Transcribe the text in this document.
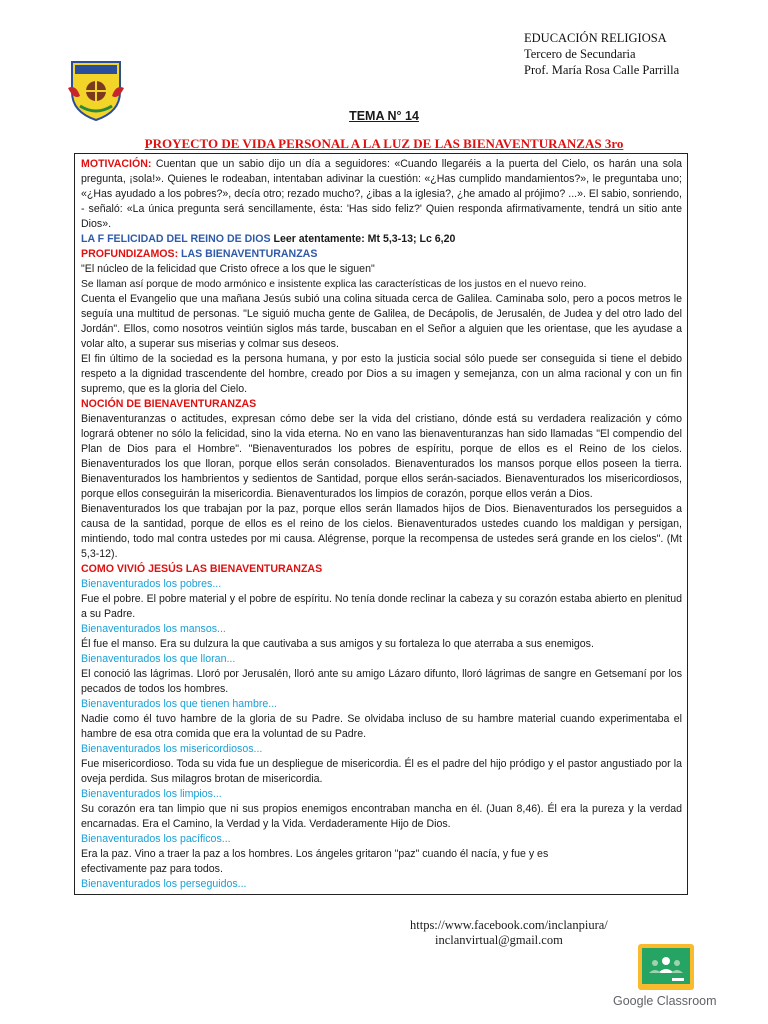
EDUCACIÓN RELIGIOSA
Tercero de Secundaria
Prof. María Rosa Calle Parrilla
TEMA N° 14
PROYECTO DE VIDA PERSONAL A LA LUZ DE LAS BIENAVENTURANZAS 3ro

MOTIVACIÓN: Cuentan que un sabio dijo un día a seguidores: «Cuando llegaréis a la puerta del Cielo, os harán una sola pregunta, ¡sola!». Quienes le rodeaban, intentaban adivinar la cuestión: «¿Has cumplido mandamientos?», le preguntaba uno; «¿Has ayudado a los pobres?», decía otro; rezado mucho?, ¿ibas a la iglesia?, ¿he amado al prójimo? ...». El sabio, sonriendo, - señaló: «La única pregunta será sencillamente, ésta: 'Has sido feliz?' Quien responda afirmativamente, tendrá un sitio ante Dios».

LA F FELICIDAD DEL REINO DE DIOS Leer atentamente: Mt 5,3-13; Lc 6,20

PROFUNDIZAMOS: LAS BIENAVENTURANZAS

"El núcleo de la felicidad que Cristo ofrece a los que le siguen"

Se llaman así porque de modo armónico e insistente explica las características de los justos en el nuevo reino.

Cuenta el Evangelio que una mañana Jesús subió una colina situada cerca de Galilea. Caminaba solo, pero a pocos metros le seguía una multitud de personas. "Le siguió mucha gente de Galilea, de Decápolis, de Jerusalén, de Judea y del otro lado del Jordán". Ellos, como nosotros veintiún siglos más tarde, buscaban en el Señor a alguien que les orientase, que les ayudase a volar alto, a superar sus miserias y colmar sus deseos.

El fin último de la sociedad es la persona humana, y por esto la justicia social sólo puede ser conseguida si tiene el debido respeto a la dignidad trascendente del hombre, creado por Dios a su imagen y semejanza, con un alma racional y con un fin supremo, que es la gloria del Cielo.

NOCIÓN DE BIENAVENTURANZAS

Bienaventuranzas o actitudes, expresan cómo debe ser la vida del cristiano, dónde está su verdadera realización y cómo logrará obtener no sólo la felicidad, sino la vida eterna. No en vano las bienaventuranzas han sido llamadas "El compendio del Plan de Dios para el Hombre". "Bienaventurados los pobres de espíritu, porque de ellos es el Reino de los cielos. Bienaventurados los que lloran, porque ellos serán consolados. Bienaventurados los mansos porque ellos poseen la tierra. Bienaventurados los hambrientos y sedientos de Santidad, porque ellos serán-saciados. Bienaventurados los misericordiosos, porque ellos conseguirán la misericordia. Bienaventurados los limpios de corazón, porque ellos verán a Dios.

Bienaventurados los que trabajan por la paz, porque ellos serán llamados hijos de Dios. Bienaventurados los perseguidos a causa de la santidad, porque de ellos es el reino de los cielos. Bienaventurados ustedes cuando los maldigan y persigan, mintiendo, todo mal contra ustedes por mi causa. Alégrense, porque la recompensa de ustedes será grande en los cielos". (Mt 5,3-12).

COMO VIVIÓ JESÚS LAS BIENAVENTURANZAS

Bienaventurados los pobres...

Fue el pobre. El pobre material y el pobre de espíritu. No tenía donde reclinar la cabeza y su corazón estaba abierto en plenitud a su Padre.

Bienaventurados los mansos...

Él fue el manso. Era su dulzura la que cautivaba a sus amigos y su fortaleza lo que aterraba a sus enemigos.

Bienaventurados los que lloran...

El conoció las lágrimas. Lloró por Jerusalén, lloró ante su amigo Lázaro difunto, lloró lágrimas de sangre en Getsemaní por los pecados de todos los hombres.

Bienaventurados los que tienen hambre...

Nadie como él tuvo hambre de la gloria de su Padre. Se olvidaba incluso de su hambre material cuando experimentaba el hambre de esa otra comida que era la voluntad de su Padre.

Bienaventurados los misericordiosos...

Fue misericordioso. Toda su vida fue un despliegue de misericordia. Él es el padre del hijo pródigo y el pastor angustiado por la oveja perdida. Sus milagros brotan de misericordia.

Bienaventurados los limpios...

Su corazón era tan limpio que ni sus propios enemigos encontraban mancha en él. (Juan 8,46). Él era la pureza y la verdad encarnadas. Era el Camino, la Verdad y la Vida. Verdaderamente Hijo de Dios.

Bienaventurados los pacíficos...

Era la paz. Vino a traer la paz a los hombres. Los ángeles gritaron "paz" cuando él nacía, y fue y es

efectivamente paz para todos.

Bienaventurados los perseguidos...

https://www.facebook.com/inclanpiura/
inclanvirtual@gmail.com
Google Classroom
